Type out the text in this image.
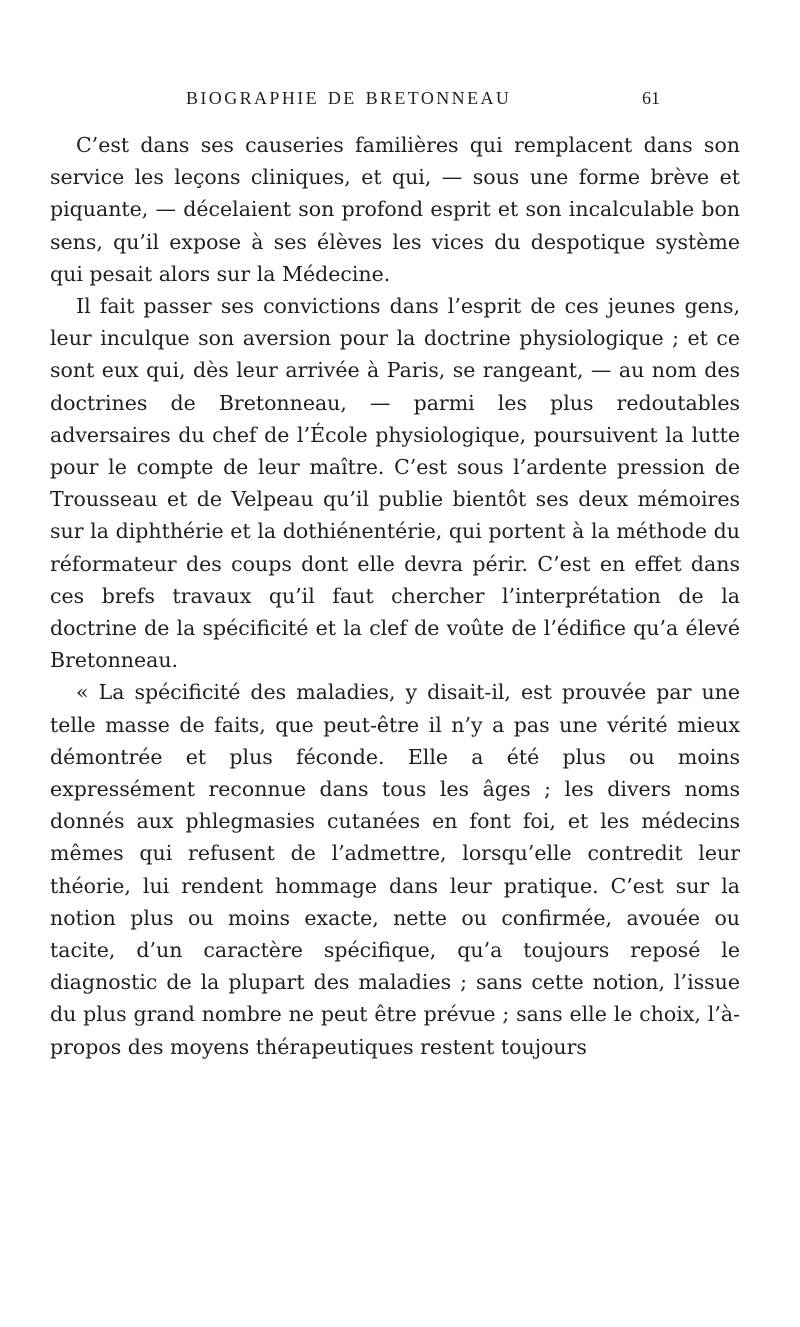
BIOGRAPHIE DE BRETONNEAU	61

C’est dans ses causeries familières qui remplacent dans son service les leçons cliniques, et qui, — sous une forme brève et piquante, — décelaient son profond esprit et son incalculable bon sens, qu’il expose à ses élèves les vices du despotique système qui pesait alors sur la Médecine.

Il fait passer ses convictions dans l’esprit de ces jeunes gens, leur inculque son aversion pour la doctrine physiologique ; et ce sont eux qui, dès leur arrivée à Paris, se rangeant, — au nom des doctrines de Bretonneau, — parmi les plus redoutables adversaires du chef de l’École physiologique, poursuivent la lutte pour le compte de leur maître. C’est sous l’ardente pression de Trousseau et de Velpeau qu’il publie bientôt ses deux mémoires sur la diphthérie et la dothiénentérie, qui portent à la méthode du réformateur des coups dont elle devra périr. C’est en effet dans ces brefs travaux qu’il faut chercher l’interprétation de la doctrine de la spécificité et la clef de voûte de l’édifice qu’a élevé Bretonneau.

« La spécificité des maladies, y disait-il, est prouvée par une telle masse de faits, que peut-être il n’y a pas une vérité mieux démontrée et plus féconde. Elle a été plus ou moins expressément reconnue dans tous les âges ; les divers noms donnés aux phlegmasies cutanées en font foi, et les médecins mêmes qui refusent de l’admettre, lorsqu’elle contredit leur théorie, lui rendent hommage dans leur pratique. C’est sur la notion plus ou moins exacte, nette ou confirmée, avouée ou tacite, d’un caractère spécifique, qu’a toujours reposé le diagnostic de la plupart des maladies ; sans cette notion, l’issue du plus grand nombre ne peut être prévue ; sans elle le choix, l’à-propos des moyens thérapeutiques restent toujours
